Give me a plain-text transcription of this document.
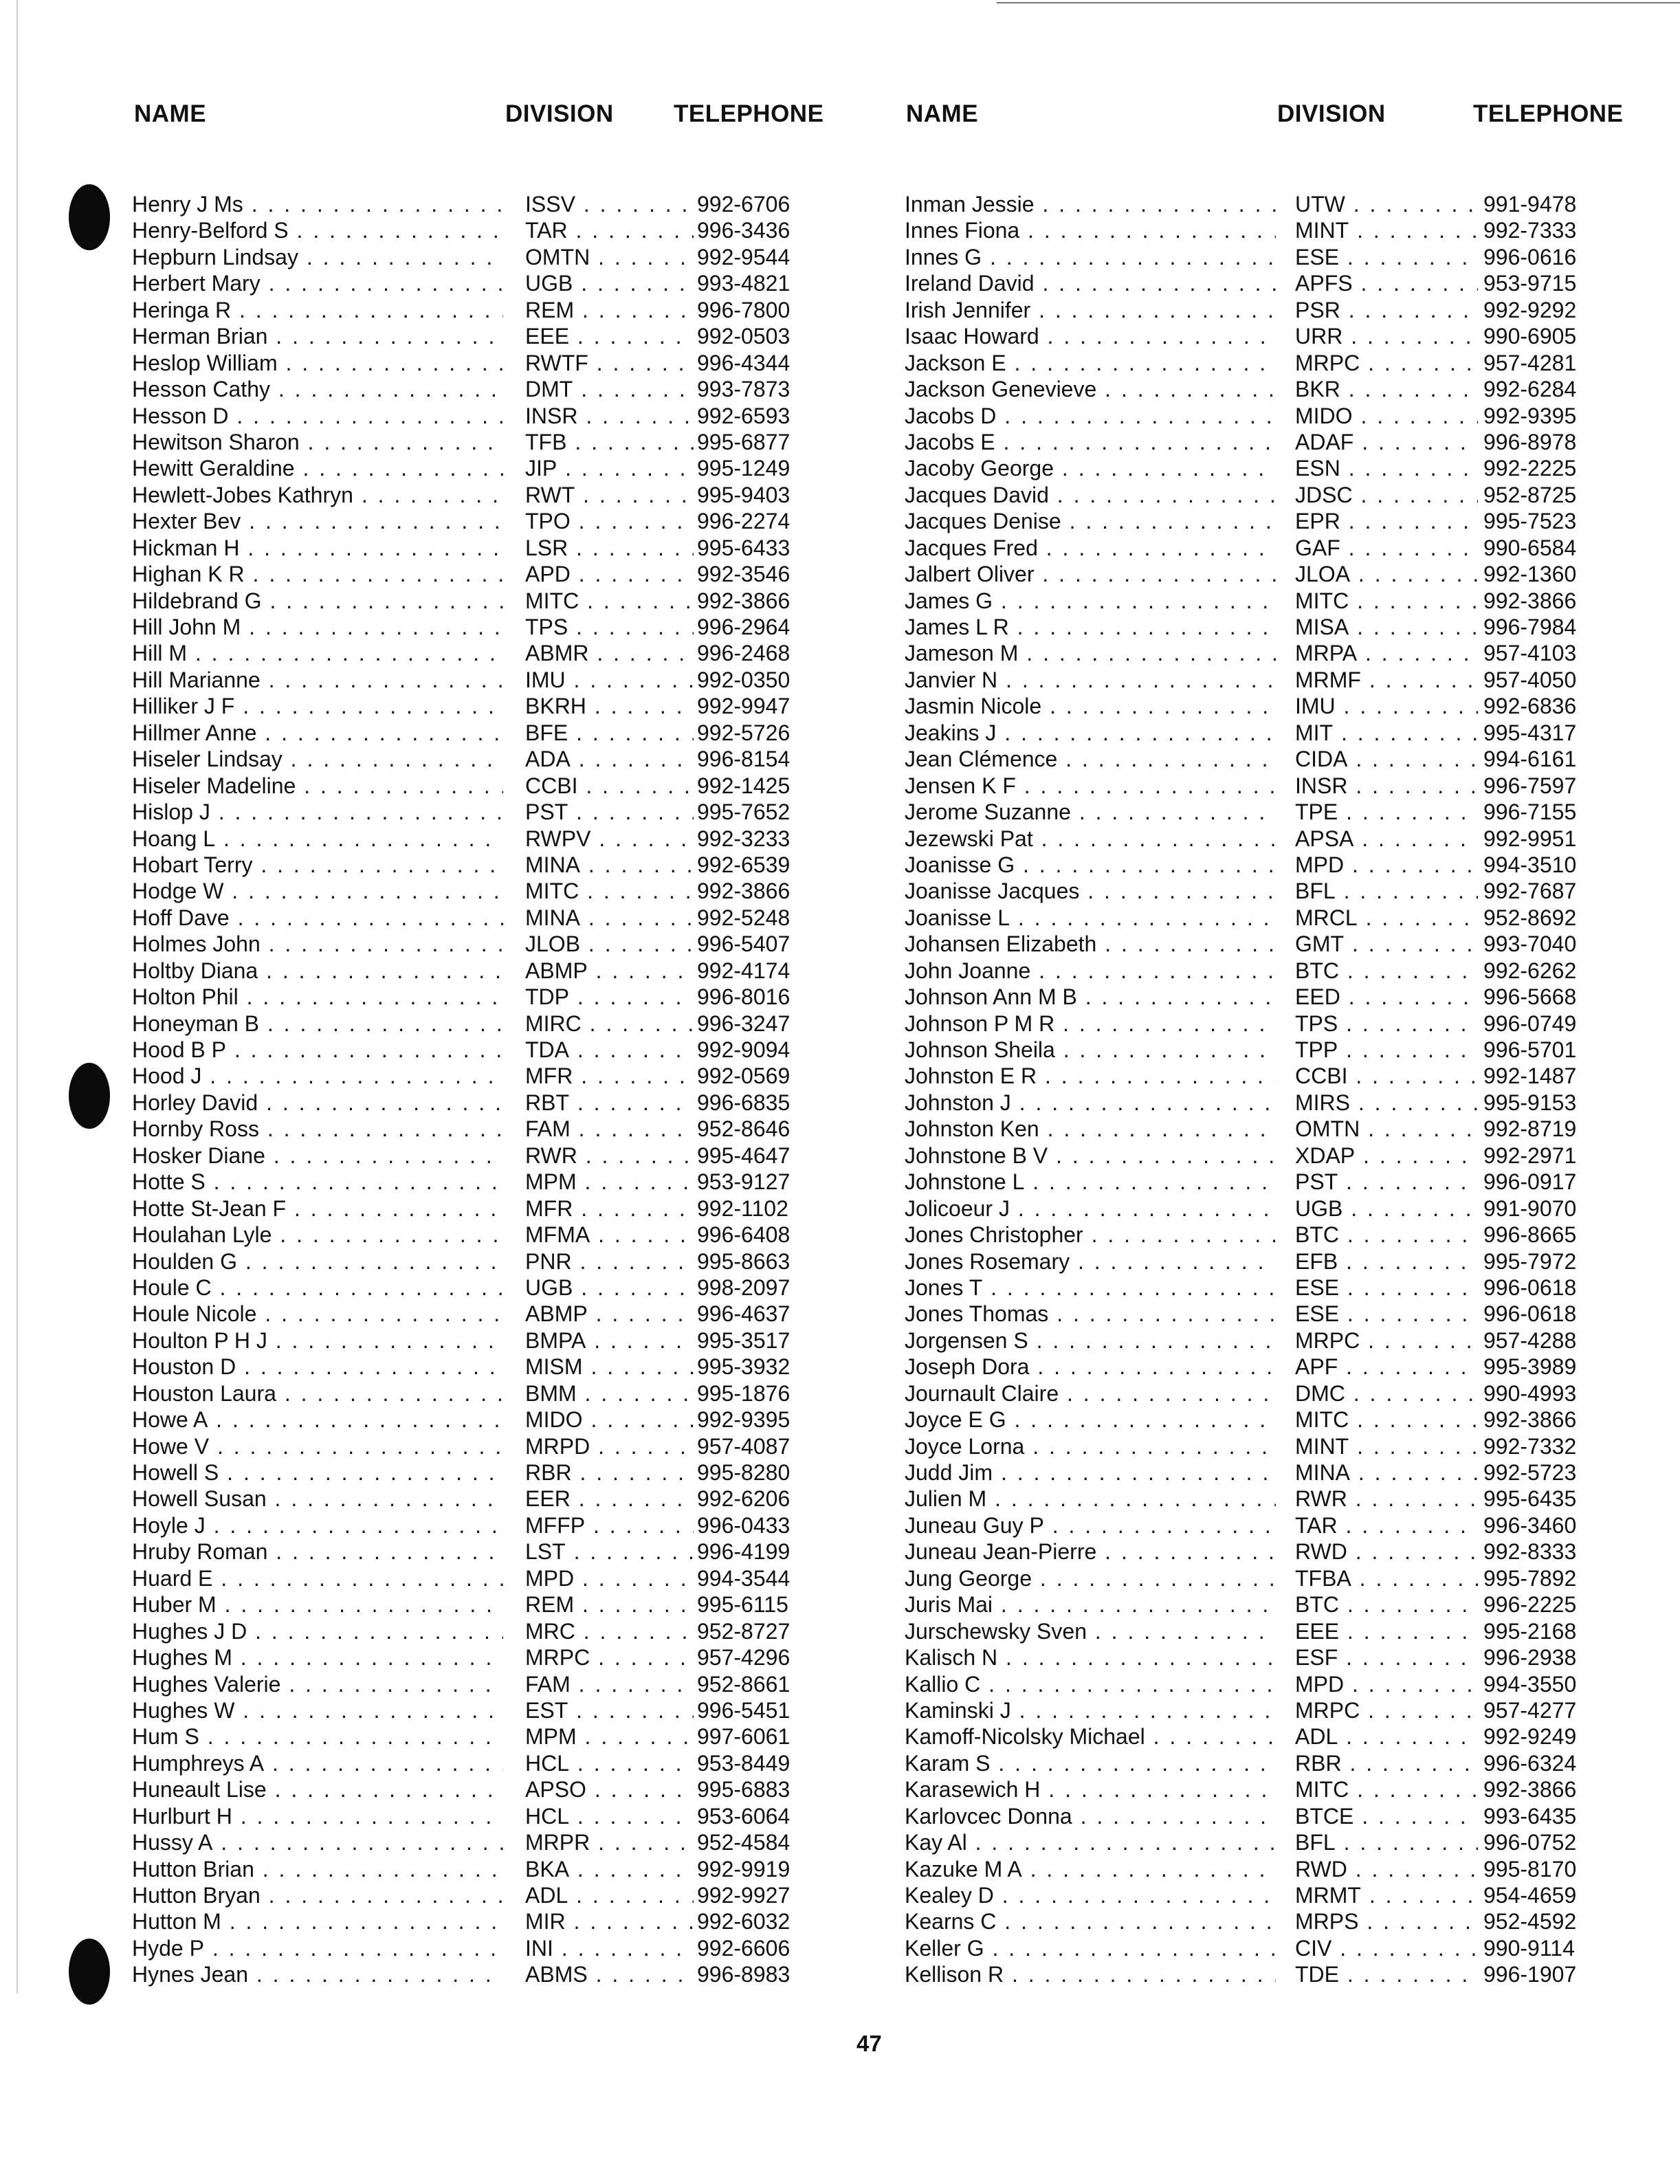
NAME	DIVISION TELEPHONE	NAME	DIVISION	TELEPHONE
Henry J Ms . . .	ISSV . . .	992-6706
Henry-Belford S . . .	TAR . . .	996-3436
Hepburn Lindsay . . .	OMTN . . .	992-9544
Herbert Mary . . .	UGB . . .	993-4821
Heringa R . . .	REM . . .	996-7800
Herman Brian . . .	EEE . . .	992-0503
Heslop William . . .	RWTF . . .	996-4344
Hesson Cathy . . .	DMT . . .	993-7873
Hesson D . . .	INSR . . .	992-6593
Hewitson Sharon . . .	TFB . . .	995-6877
Hewitt Geraldine . . .	JIP . . .	995-1249
Hewlett-Jobes Kathryn . . .	RWT . . .	995-9403
Hexter Bev . . .	TPO . . .	996-2274
Hickman H . . .	LSR . . .	995-6433
Highan K R . . .	APD . . .	992-3546
Hildebrand G . . .	MITC . . .	992-3866
Hill John M . . .	TPS . . .	996-2964
Hill M . . .	ABMR . . .	996-2468
Hill Marianne . . .	IMU . . .	992-0350
Hilliker J F . . .	BKRH . . .	992-9947
Hillmer Anne . . .	BFE . . .	992-5726
Hiseler Lindsay . . .	ADA . . .	996-8154
Hiseler Madeline . . .	CCBI . . .	992-1425
Hislop J . . .	PST . . .	995-7652
Hoang L . . .	RWPV . . .	992-3233
Hobart Terry . . .	MINA . . .	992-6539
Hodge W . . .	MITC . . .	992-3866
Hoff Dave . . .	MINA . . .	992-5248
Holmes John . . .	JLOB . . .	996-5407
Holtby Diana . . .	ABMP . . .	992-4174
Holton Phil . . .	TDP . . .	996-8016
Honeyman B . . .	MIRC . . .	996-3247
Hood B P . . .	TDA . . .	992-9094
Hood J . . .	MFR . . .	992-0569
Horley David . . .	RBT . . .	996-6835
Hornby Ross . . .	FAM . . .	952-8646
Hosker Diane . . .	RWR . . .	995-4647
Hotte S . . .	MPM . . .	953-9127
Hotte St-Jean F . . .	MFR . . .	992-1102
Houlahan Lyle . . .	MFMA . . .	996-6408
Houlden G . . .	PNR . . .	995-8663
Houle C . . .	UGB . . .	998-2097
Houle Nicole . . .	ABMP . . .	996-4637
Houlton P H J . . .	BMPA . . .	995-3517
Houston D . . .	MISM . . .	995-3932
Houston Laura . . .	BMM . . .	995-1876
Howe A . . .	MIDO . . .	992-9395
Howe V . . .	MRPD . . .	957-4087
Howell S . . .	RBR . . .	995-8280
Howell Susan . . .	EER . . .	992-6206
Hoyle J . . .	MFFP . . .	996-0433
Hruby Roman . . .	LST . . .	996-4199
Huard E . . .	MPD . . .	994-3544
Huber M . . .	REM . . .	995-6115
Hughes J D . . .	MRC . . .	952-8727
Hughes M . . .	MRPC . . .	957-4296
Hughes Valerie . . .	FAM . . .	952-8661
Hughes W . . .	EST . . .	996-5451
Hum S . . .	MPM . . .	997-6061
Humphreys A . . .	HCL . . .	953-8449
Huneault Lise . . .	APSO . . .	995-6883
Hurlburt H . . .	HCL . . .	953-6064
Hussy A . . .	MRPR . . .	952-4584
Hutton Brian . . .	BKA . . .	992-9919
Hutton Bryan . . .	ADL . . .	992-9927
Hutton M . . .	MIR . . .	992-6032
Hyde P . . .	INI . . .	992-6606
Hynes Jean . . .	ABMS . . .	996-8983
Inman Jessie . . .	UTW . . .	991-9478
Innes Fiona . . .	MINT . . .	992-7333
Innes G . . .	ESE . . .	996-0616
Ireland David . . .	APFS . . .	953-9715
Irish Jennifer . . .	PSR . . .	992-9292
Isaac Howard . . .	URR . . .	990-6905
Jackson E . . .	MRPC . . .	957-4281
Jackson Genevieve . . .	BKR . . .	992-6284
Jacobs D . . .	MIDO . . .	992-9395
Jacobs E . . .	ADAF . . .	996-8978
Jacoby George . . .	ESN . . .	992-2225
Jacques David . . .	JDSC . . .	952-8725
Jacques Denise . . .	EPR . . .	995-7523
Jacques Fred . . .	GAF . . .	990-6584
Jalbert Oliver . . .	JLOA . . .	992-1360
James G . . .	MITC . . .	992-3866
James L R . . .	MISA . . .	996-7984
Jameson M . . .	MRPA . . .	957-4103
Janvier N . . .	MRMF . . .	957-4050
Jasmin Nicole . . .	IMU . . .	992-6836
Jeakins J . . .	MIT . . .	995-4317
Jean Clémence . . .	CIDA . . .	994-6161
Jensen K F . . .	INSR . . .	996-7597
Jerome Suzanne . . .	TPE . . .	996-7155
Jezewski Pat . . .	APSA . . .	992-9951
Joanisse G . . .	MPD . . .	994-3510
Joanisse Jacques . . .	BFL . . .	992-7687
Joanisse L . . .	MRCL . . .	952-8692
Johansen Elizabeth . . .	GMT . . .	993-7040
John Joanne . . .	BTC . . .	992-6262
Johnson Ann M B . . .	EED . . .	996-5668
Johnson P M R . . .	TPS . . .	996-0749
Johnson Sheila . . .	TPP . . .	996-5701
Johnston E R . . .	CCBI . . .	992-1487
Johnston J . . .	MIRS . . .	995-9153
Johnston Ken . . .	OMTN . . .	992-8719
Johnstone B V . . .	XDAP . . .	992-2971
Johnstone L . . .	PST . . .	996-0917
Jolicoeur J . . .	UGB . . .	991-9070
Jones Christopher . . .	BTC . . .	996-8665
Jones Rosemary . . .	EFB . . .	995-7972
Jones T . . .	ESE . . .	996-0618
Jones Thomas . . .	ESE . . .	996-0618
Jorgensen S . . .	MRPC . . .	957-4288
Joseph Dora . . .	APF . . .	995-3989
Journault Claire . . .	DMC . . .	990-4993
Joyce E G . . .	MITC . . .	992-3866
Joyce Lorna . . .	MINT . . .	992-7332
Judd Jim . . .	MINA . . .	992-5723
Julien M . . .	RWR . . .	995-6435
Juneau Guy P . . .	TAR . . .	996-3460
Juneau Jean-Pierre . . .	RWD . . .	992-8333
Jung George . . .	TFBA . . .	995-7892
Juris Mai . . .	BTC . . .	996-2225
Jurschewsky Sven . . .	EEE . . .	995-2168
Kalisch N . . .	ESF . . .	996-2938
Kallio C . . .	MPD . . .	994-3550
Kaminski J . . .	MRPC . . .	957-4277
Kamoff-Nicolsky Michael . . .	ADL . . .	992-9249
Karam S . . .	RBR . . .	996-6324
Karasewich H . . .	MITC . . .	992-3866
Karlovcec Donna . . .	BTCE . . .	993-6435
Kay Al . . .	BFL . . .	996-0752
Kazuke M A . . .	RWD . . .	995-8170
Kealey D . . .	MRMT . . .	954-4659
Kearns C . . .	MRPS . . .	952-4592
Keller G . . .	CIV . . .	990-9114
Kellison R . . .	TDE . . .	996-1907
47
